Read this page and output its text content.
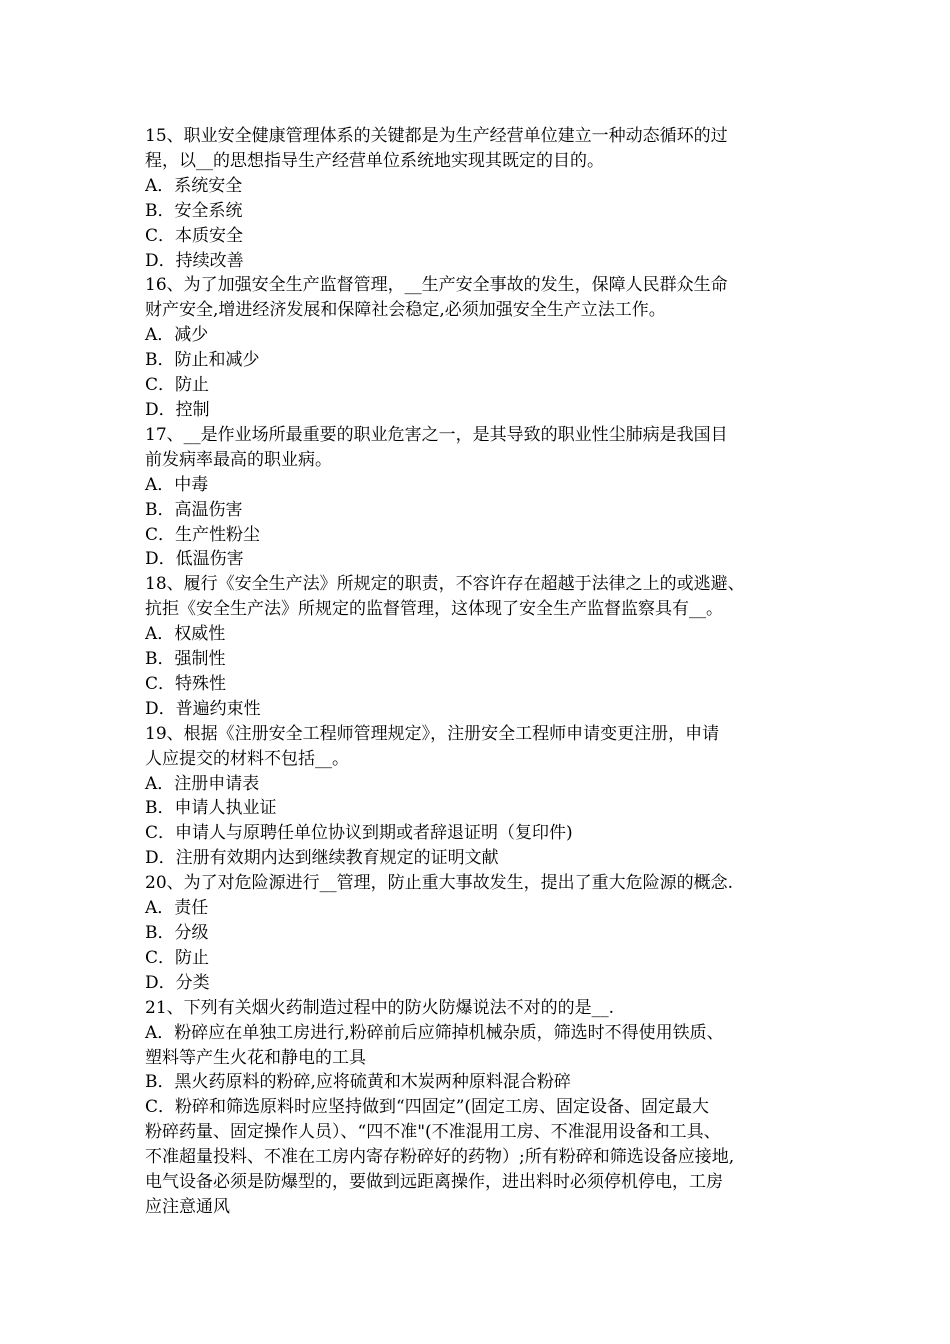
15、职业安全健康管理体系的关键都是为生产经营单位建立一种动态循环的过
程，以__的思想指导生产经营单位系统地实现其既定的目的。
A．系统安全
B．安全系统
C．本质安全
D．持续改善
16、为了加强安全生产监督管理，__生产安全事故的发生，保障人民群众生命
财产安全,增进经济发展和保障社会稳定,必须加强安全生产立法工作。
A．减少
B．防止和减少
C．防止
D．控制
17、__是作业场所最重要的职业危害之一，是其导致的职业性尘肺病是我国目
前发病率最高的职业病。
A．中毒
B．高温伤害
C．生产性粉尘
D．低温伤害
18、履行《安全生产法》所规定的职责，不容许存在超越于法律之上的或逃避、
抗拒《安全生产法》所规定的监督管理，这体现了安全生产监督监察具有__。
A．权威性
B．强制性
C．特殊性
D．普遍约束性
19、根据《注册安全工程师管理规定》，注册安全工程师申请变更注册，申请
人应提交的材料不包括__。
A．注册申请表
B．申请人执业证
C．申请人与原聘任单位协议到期或者辞退证明（复印件)
D．注册有效期内达到继续教育规定的证明文献
20、为了对危险源进行__管理，防止重大事故发生，提出了重大危险源的概念.
A．责任
B．分级
C．防止
D．分类
21、下列有关烟火药制造过程中的防火防爆说法不对的的是__.
A．粉碎应在单独工房进行,粉碎前后应筛掉机械杂质，筛选时不得使用铁质、
塑料等产生火花和静电的工具
B．黑火药原料的粉碎,应将硫黄和木炭两种原料混合粉碎
C．粉碎和筛选原料时应坚持做到“四固定”(固定工房、固定设备、固定最大
粉碎药量、固定操作人员）、“四不准"(不准混用工房、不准混用设备和工具、
不准超量投料、不准在工房内寄存粉碎好的药物）;所有粉碎和筛选设备应接地,
电气设备必须是防爆型的，要做到远距离操作，进出料时必须停机停电，工房
应注意通风
